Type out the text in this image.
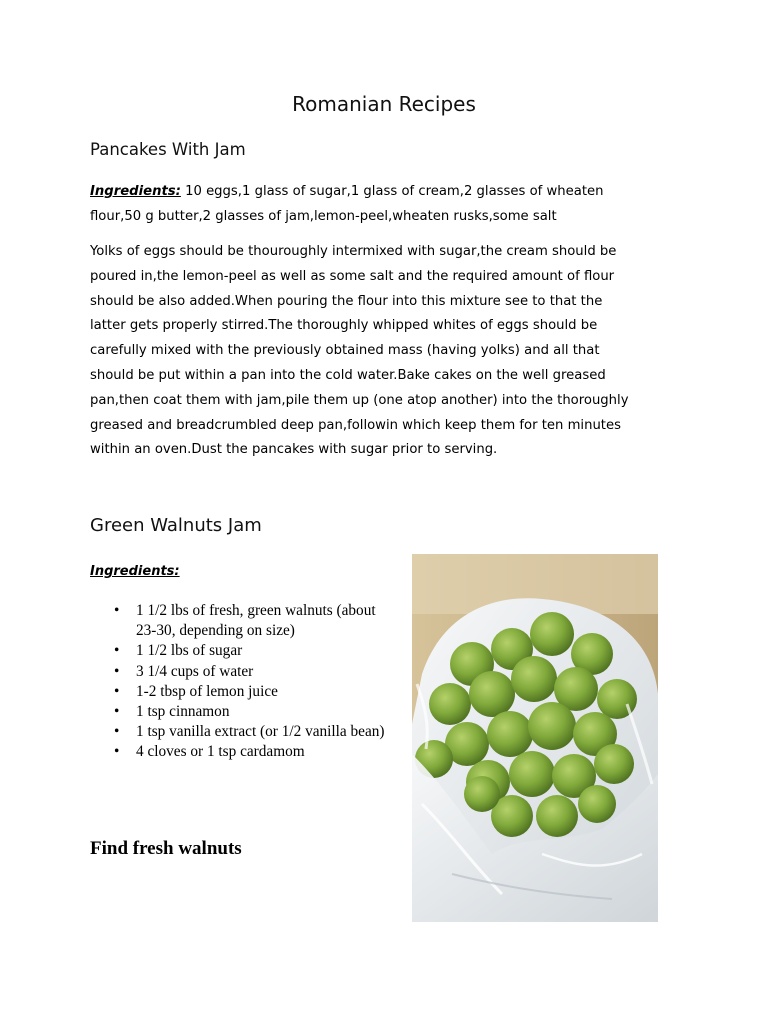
Romanian Recipes
Pancakes With Jam

Ingredients: 10 eggs,1 glass of sugar,1 glass of cream,2 glasses of wheaten flour,50 g butter,2 glasses of jam,lemon-peel,wheaten rusks,some salt

Yolks of eggs should be thouroughly intermixed with sugar,the cream should be
poured in,the lemon-peel as well as some salt and the required amount of flour
should be also added.When pouring the flour into this mixture see to that the
latter gets properly stirred.The thoroughly whipped whites of eggs should be
carefully mixed with the previously obtained mass (having yolks) and all that
should be put within a pan into the cold water.Bake cakes on the well greased
pan,then coat them with jam,pile them up (one atop another) into the thoroughly
greased and breadcrumbled deep pan,followin which keep them for ten minutes
within an oven.Dust the pancakes with sugar prior to serving.

Green Walnuts Jam

Ingredients:

• 1 1/2 lbs of fresh, green walnuts (about 23-30, depending on size)
• 1 1/2 lbs of sugar
• 3 1/4 cups of water
• 1-2 tbsp of lemon juice
• 1 tsp cinnamon
• 1 tsp vanilla extract (or 1/2 vanilla bean)
• 4 cloves or 1 tsp cardamom

Find fresh walnuts
